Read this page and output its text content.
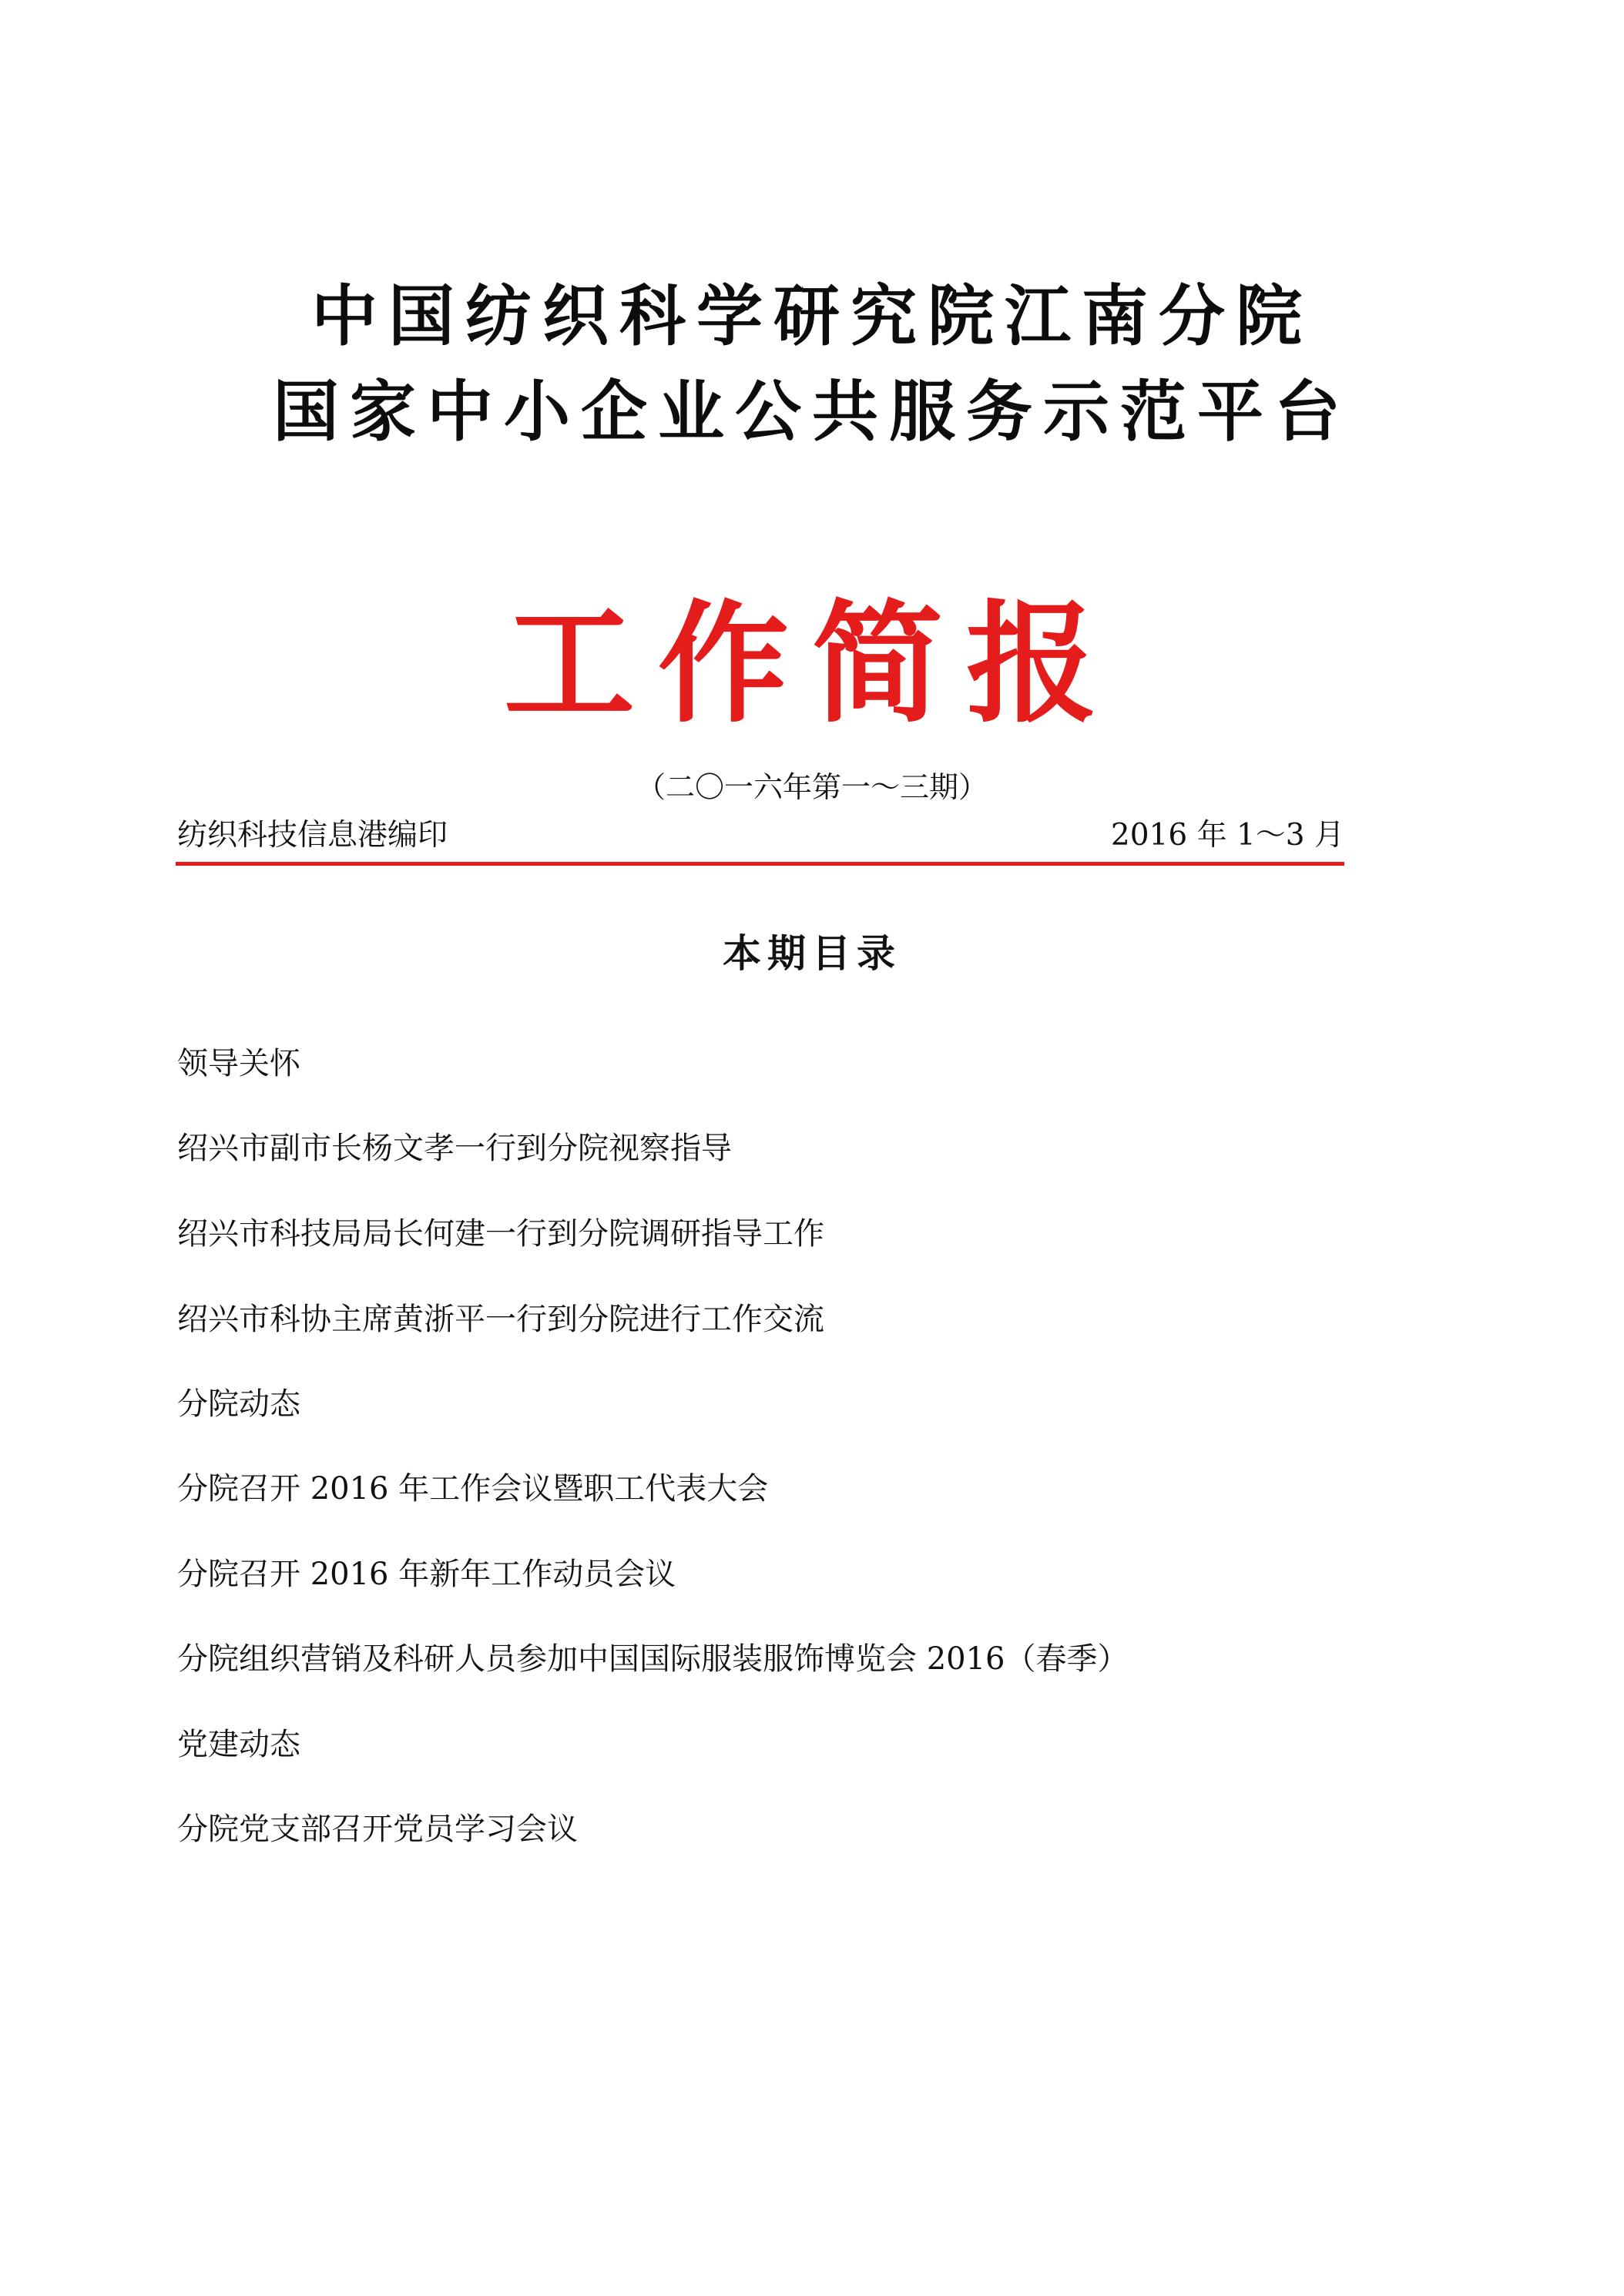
中国纺织科学研究院江南分院
国家中小企业公共服务示范平台
工作简报
（二〇一六年第一～三期）
纺织科技信息港编印	2016 年 1～3 月
本期目录
领导关怀
绍兴市副市长杨文孝一行到分院视察指导
绍兴市科技局局长何建一行到分院调研指导工作
绍兴市科协主席黄浙平一行到分院进行工作交流
分院动态
分院召开 2016 年工作会议暨职工代表大会
分院召开 2016 年新年工作动员会议
分院组织营销及科研人员参加中国国际服装服饰博览会 2016（春季）
党建动态
分院党支部召开党员学习会议
